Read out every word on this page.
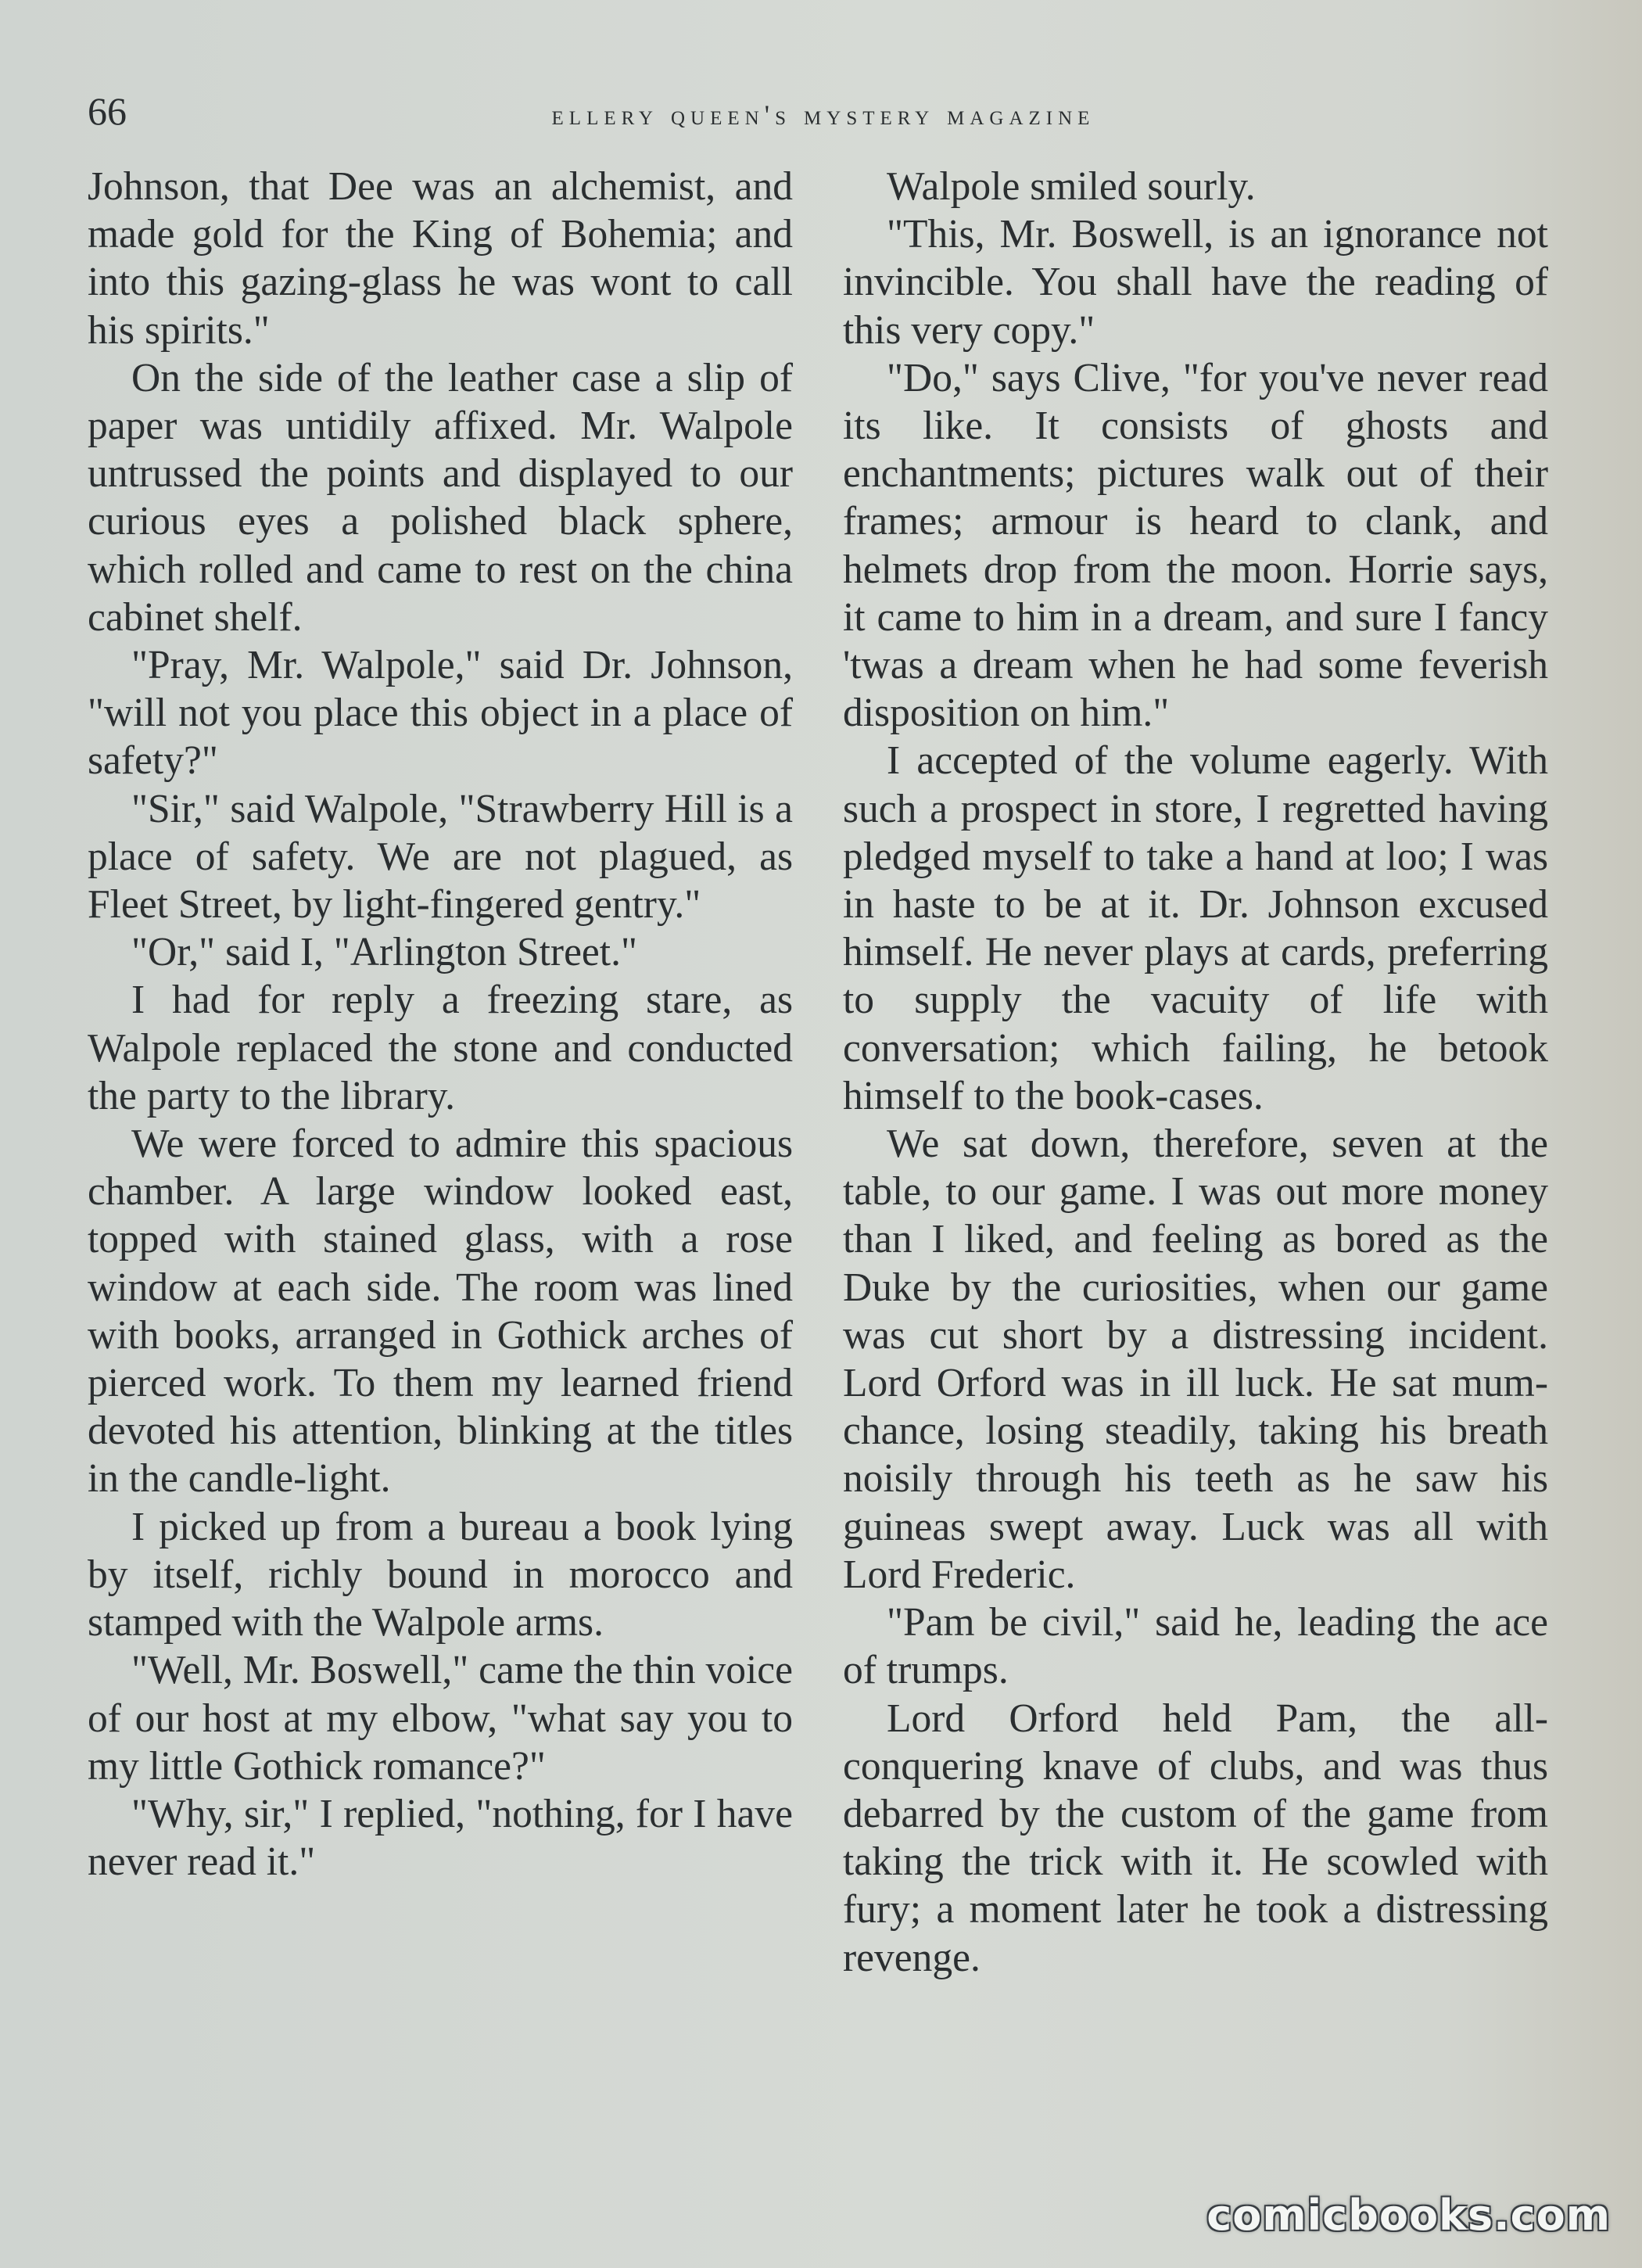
66	ellery queen's mystery magazine

Johnson, that Dee was an alchemist, and made gold for the King of Bohemia; and into this gazing-glass he was wont to call his spirits."

On the side of the leather case a slip of paper was untidily affixed. Mr. Walpole untrussed the points and displayed to our curious eyes a polished black sphere, which rolled and came to rest on the china cabinet shelf.

"Pray, Mr. Walpole," said Dr. Johnson, "will not you place this object in a place of safety?"

"Sir," said Walpole, "Strawberry Hill is a place of safety. We are not plagued, as Fleet Street, by light-fingered gentry."

"Or," said I, "Arlington Street."

I had for reply a freezing stare, as Walpole replaced the stone and conducted the party to the library.

We were forced to admire this spacious chamber. A large window looked east, topped with stained glass, with a rose window at each side. The room was lined with books, arranged in Gothick arches of pierced work. To them my learned friend devoted his attention, blinking at the titles in the candle-light.

I picked up from a bureau a book lying by itself, richly bound in morocco and stamped with the Walpole arms.

"Well, Mr. Boswell," came the thin voice of our host at my elbow, "what say you to my little Gothick romance?"

"Why, sir," I replied, "nothing, for I have never read it."

Walpole smiled sourly.

"This, Mr. Boswell, is an ignorance not invincible. You shall have the reading of this very copy."

"Do," says Clive, "for you've never read its like. It consists of ghosts and enchantments; pictures walk out of their frames; armour is heard to clank, and helmets drop from the moon. Horrie says, it came to him in a dream, and sure I fancy 'twas a dream when he had some feverish disposition on him."

I accepted of the volume eagerly. With such a prospect in store, I regretted having pledged myself to take a hand at loo; I was in haste to be at it. Dr. Johnson excused himself. He never plays at cards, preferring to supply the vacuity of life with conversation; which failing, he betook himself to the book-cases.

We sat down, therefore, seven at the table, to our game. I was out more money than I liked, and feeling as bored as the Duke by the curiosities, when our game was cut short by a distressing incident. Lord Orford was in ill luck. He sat mum-chance, losing steadily, taking his breath noisily through his teeth as he saw his guineas swept away. Luck was all with Lord Frederic.

"Pam be civil," said he, leading the ace of trumps.

Lord Orford held Pam, the all-conquering knave of clubs, and was thus debarred by the custom of the game from taking the trick with it. He scowled with fury; a moment later he took a distressing revenge.

comicbooks.com
